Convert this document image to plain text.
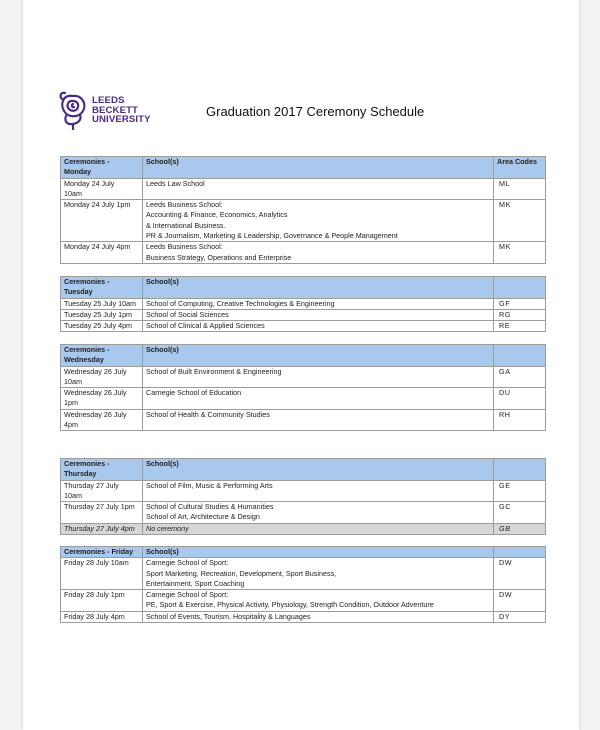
LEEDS
BECKETT
UNIVERSITY
Graduation 2017 Ceremony Schedule
Ceremonies -
Monday	School(s)	Area Codes

Monday 24 July
10am	Leeds Law School	ML

Monday 24 July 1pm	Leeds Business School:
Accounting & Finance, Economics, Analytics
& International Business.
PR & Journalism, Marketing & Leadership, Governance & People Management	MK

Monday 24 July 4pm	Leeds Business School:
Business Strategy, Operations and Enterprise	MK
Ceremonies -
Tuesday	School(s)	

Tuesday 25 July 10am	School of Computing, Creative Technologies & Engineering	GF

Tuesday 25 July 1pm	School of Social Sciences	RG

Tuesday 25 July 4pm	School of Clinical & Applied Sciences	RE
Ceremonies -
Wednesday	School(s)	

Wednesday 26 July
10am	School of Built Environment & Engineering	GA

Wednesday 26 July
1pm	Carnegie School of Education	DU

Wednesday 26 July
4pm	School of Health & Community Studies	RH
Ceremonies -
Thursday	School(s)	

Thursday 27 July
10am	School of Film, Music & Performing Arts	GE

Thursday 27 July 1pm	School of Cultural Studies & Humanities
School of Art, Architecture & Design	GC

Thursday 27 July 4pm	No ceremony	GB
Ceremonies - Friday	School(s)	

Friday 28 July 10am	Carnegie School of Sport:
Sport Marketing, Recreation, Development, Sport Business,
Entertainment, Sport Coaching	DW

Friday 28 July 1pm	Carnegie School of Sport:
PE, Sport & Exercise, Physical Activity, Physiology, Strength Condition, Outdoor Adventure	DW

Friday 28 July 4pm	School of Events, Tourism, Hospitality & Languages	DY
